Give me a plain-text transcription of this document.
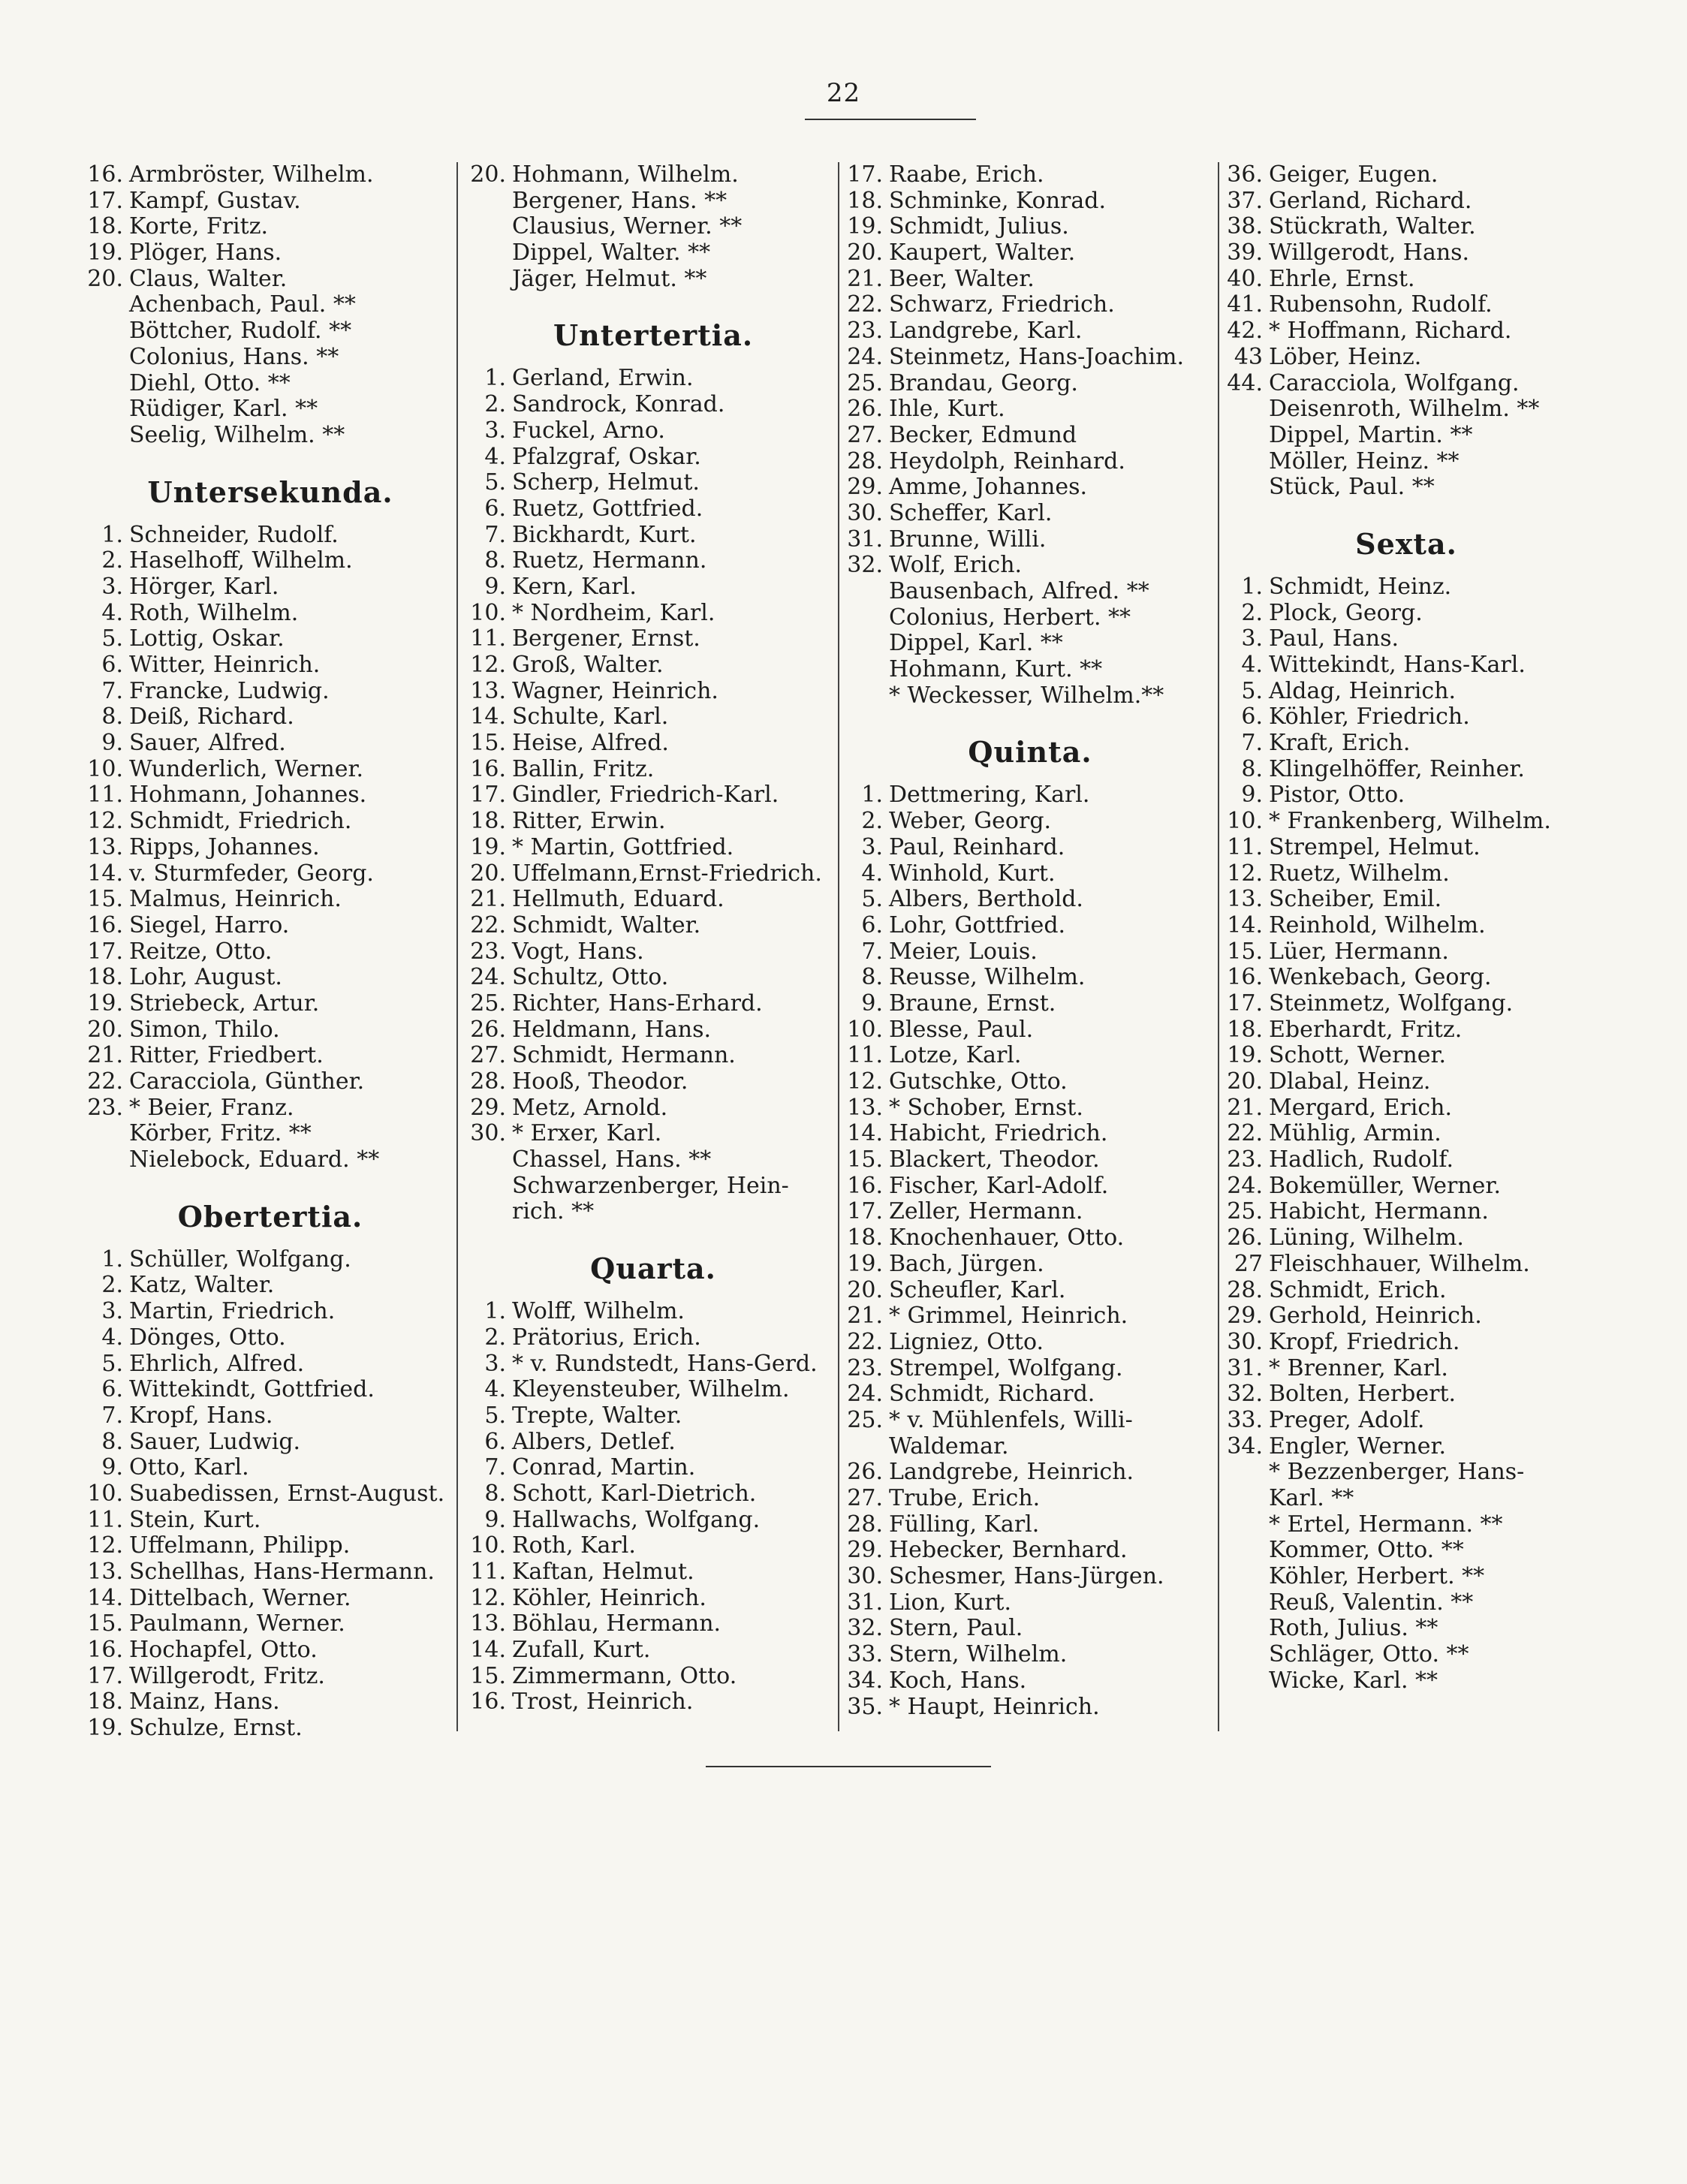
22
16. Armbröster, Wilhelm.
17. Kampf, Gustav.
18. Korte, Fritz.
19. Plöger, Hans.
20. Claus, Walter.
Achenbach, Paul. **
Böttcher, Rudolf. **
Colonius, Hans. **
Diehl, Otto. **
Rüdiger, Karl. **
Seelig, Wilhelm. **
Untersekunda.
1. Schneider, Rudolf.
2. Haselhoff, Wilhelm.
3. Hörger, Karl.
4. Roth, Wilhelm.
5. Lottig, Oskar.
6. Witter, Heinrich.
7. Francke, Ludwig.
8. Deiß, Richard.
9. Sauer, Alfred.
10. Wunderlich, Werner.
11. Hohmann, Johannes.
12. Schmidt, Friedrich.
13. Ripps, Johannes.
14. v. Sturmfeder, Georg.
15. Malmus, Heinrich.
16. Siegel, Harro.
17. Reitze, Otto.
18. Lohr, August.
19. Striebeck, Artur.
20. Simon, Thilo.
21. Ritter, Friedbert.
22. Caracciola, Günther.
23. * Beier, Franz.
Körber, Fritz. **
Nielebock, Eduard. **
Obertertia.
1. Schüller, Wolfgang.
2. Katz, Walter.
3. Martin, Friedrich.
4. Dönges, Otto.
5. Ehrlich, Alfred.
6. Wittekindt, Gottfried.
7. Kropf, Hans.
8. Sauer, Ludwig.
9. Otto, Karl.
10. Suabedissen, Ernst-August.
11. Stein, Kurt.
12. Uffelmann, Philipp.
13. Schellhas, Hans-Hermann.
14. Dittelbach, Werner.
15. Paulmann, Werner.
16. Hochapfel, Otto.
17. Willgerodt, Fritz.
18. Mainz, Hans.
19. Schulze, Ernst.
20. Hohmann, Wilhelm.
Bergener, Hans. **
Clausius, Werner. **
Dippel, Walter. **
Jäger, Helmut. **
Untertertia.
1. Gerland, Erwin.
2. Sandrock, Konrad.
3. Fuckel, Arno.
4. Pfalzgraf, Oskar.
5. Scherp, Helmut.
6. Ruetz, Gottfried.
7. Bickhardt, Kurt.
8. Ruetz, Hermann.
9. Kern, Karl.
10. * Nordheim, Karl.
11. Bergener, Ernst.
12. Groß, Walter.
13. Wagner, Heinrich.
14. Schulte, Karl.
15. Heise, Alfred.
16. Ballin, Fritz.
17. Gindler, Friedrich-Karl.
18. Ritter, Erwin.
19. * Martin, Gottfried.
20. Uffelmann,Ernst-Friedrich.
21. Hellmuth, Eduard.
22. Schmidt, Walter.
23. Vogt, Hans.
24. Schultz, Otto.
25. Richter, Hans-Erhard.
26. Heldmann, Hans.
27. Schmidt, Hermann.
28. Hooß, Theodor.
29. Metz, Arnold.
30. * Erxer, Karl.
Chassel, Hans. **
Schwarzenberger, Hein-
rich. **
Quarta.
1. Wolff, Wilhelm.
2. Prätorius, Erich.
3. * v. Rundstedt, Hans-Gerd.
4. Kleyensteuber, Wilhelm.
5. Trepte, Walter.
6. Albers, Detlef.
7. Conrad, Martin.
8. Schott, Karl-Dietrich.
9. Hallwachs, Wolfgang.
10. Roth, Karl.
11. Kaftan, Helmut.
12. Köhler, Heinrich.
13. Böhlau, Hermann.
14. Zufall, Kurt.
15. Zimmermann, Otto.
16. Trost, Heinrich.
17. Raabe, Erich.
18. Schminke, Konrad.
19. Schmidt, Julius.
20. Kaupert, Walter.
21. Beer, Walter.
22. Schwarz, Friedrich.
23. Landgrebe, Karl.
24. Steinmetz, Hans-Joachim.
25. Brandau, Georg.
26. Ihle, Kurt.
27. Becker, Edmund
28. Heydolph, Reinhard.
29. Amme, Johannes.
30. Scheffer, Karl.
31. Brunne, Willi.
32. Wolf, Erich.
Bausenbach, Alfred. **
Colonius, Herbert. **
Dippel, Karl. **
Hohmann, Kurt. **
* Weckesser, Wilhelm.**
Quinta.
1. Dettmering, Karl.
2. Weber, Georg.
3. Paul, Reinhard.
4. Winhold, Kurt.
5. Albers, Berthold.
6. Lohr, Gottfried.
7. Meier, Louis.
8. Reusse, Wilhelm.
9. Braune, Ernst.
10. Blesse, Paul.
11. Lotze, Karl.
12. Gutschke, Otto.
13. * Schober, Ernst.
14. Habicht, Friedrich.
15. Blackert, Theodor.
16. Fischer, Karl-Adolf.
17. Zeller, Hermann.
18. Knochenhauer, Otto.
19. Bach, Jürgen.
20. Scheufler, Karl.
21. * Grimmel, Heinrich.
22. Ligniez, Otto.
23. Strempel, Wolfgang.
24. Schmidt, Richard.
25. * v. Mühlenfels, Willi-
Waldemar.
26. Landgrebe, Heinrich.
27. Trube, Erich.
28. Fülling, Karl.
29. Hebecker, Bernhard.
30. Schesmer, Hans-Jürgen.
31. Lion, Kurt.
32. Stern, Paul.
33. Stern, Wilhelm.
34. Koch, Hans.
35. * Haupt, Heinrich.
36. Geiger, Eugen.
37. Gerland, Richard.
38. Stückrath, Walter.
39. Willgerodt, Hans.
40. Ehrle, Ernst.
41. Rubensohn, Rudolf.
42. * Hoffmann, Richard.
43 Löber, Heinz.
44. Caracciola, Wolfgang.
Deisenroth, Wilhelm. **
Dippel, Martin. **
Möller, Heinz. **
Stück, Paul. **
Sexta.
1. Schmidt, Heinz.
2. Plock, Georg.
3. Paul, Hans.
4. Wittekindt, Hans-Karl.
5. Aldag, Heinrich.
6. Köhler, Friedrich.
7. Kraft, Erich.
8. Klingelhöffer, Reinher.
9. Pistor, Otto.
10. * Frankenberg, Wilhelm.
11. Strempel, Helmut.
12. Ruetz, Wilhelm.
13. Scheiber, Emil.
14. Reinhold, Wilhelm.
15. Lüer, Hermann.
16. Wenkebach, Georg.
17. Steinmetz, Wolfgang.
18. Eberhardt, Fritz.
19. Schott, Werner.
20. Dlabal, Heinz.
21. Mergard, Erich.
22. Mühlig, Armin.
23. Hadlich, Rudolf.
24. Bokemüller, Werner.
25. Habicht, Hermann.
26. Lüning, Wilhelm.
27 Fleischhauer, Wilhelm.
28. Schmidt, Erich.
29. Gerhold, Heinrich.
30. Kropf, Friedrich.
31. * Brenner, Karl.
32. Bolten, Herbert.
33. Preger, Adolf.
34. Engler, Werner.
* Bezzenberger, Hans-
Karl. **
* Ertel, Hermann. **
Kommer, Otto. **
Köhler, Herbert. **
Reuß, Valentin. **
Roth, Julius. **
Schläger, Otto. **
Wicke, Karl. **
